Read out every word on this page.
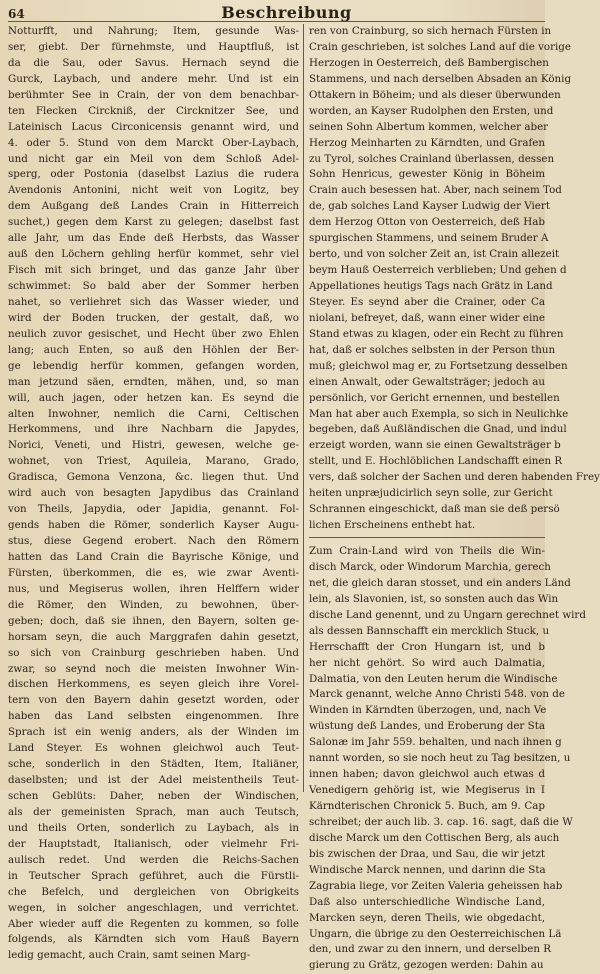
64	Beschreibung
Notturfft, und Nahrung; Item, gesunde Was-
ser, giebt. Der fürnehmste, und Hauptfluß, ist
da die Sau, oder Savus. Hernach seynd die
Gurck, Laybach, und andere mehr. Und ist ein
berühmter See in Crain, der von dem benachbar-
ten Flecken Circkniß, der Circknitzer See, und
Lateinisch Lacus Circonicensis genannt wird, und
4. oder 5. Stund von dem Marckt Ober-Laybach,
und nicht gar ein Meil von dem Schloß Adel-
sperg, oder Postonia (daselbst Lazius die rudera
Avendonis Antonini, nicht weit von Logitz, bey
dem Außgang deß Landes Crain in Hitterreich
suchet,) gegen dem Karst zu gelegen; daselbst fast
alle Jahr, um das Ende deß Herbsts, das Wasser
auß den Löchern gehling herfür kommet, sehr viel
Fisch mit sich bringet, und das ganze Jahr über
schwimmet: So bald aber der Sommer herben
nahet, so verliehret sich das Wasser wieder, und
wird der Boden trucken, der gestalt, daß, wo
neulich zuvor gesischet, und Hecht über zwo Ehlen
lang; auch Enten, so auß den Höhlen der Ber-
ge lebendig herfür kommen, gefangen worden,
man jetzund säen, erndten, mähen, und, so man
will, auch jagen, oder hetzen kan. Es seynd die
alten Inwohner, nemlich die Carni, Celtischen
Herkommens, und ihre Nachbarn die Japydes,
Norici, Veneti, und Histri, gewesen, welche ge-
wohnet, von Triest, Aquileia, Marano, Grado,
Gradisca, Gemona Venzona, &c. liegen thut. Und
wird auch von besagten Japydibus das Crainland
von Theils, Japydia, oder Japidia, genannt. Fol-
gends haben die Römer, sonderlich Kayser Augu-
stus, diese Gegend erobert. Nach den Römern
hatten das Land Crain die Bayrische Könige, und
Fürsten, überkommen, die es, wie zwar Aventi-
nus, und Megiserus wollen, ihren Helffern wider
die Römer, den Winden, zu bewohnen, über-
geben; doch, daß sie ihnen, den Bayern, solten ge-
horsam seyn, die auch Marggrafen dahin gesetzt,
so sich von Crainburg geschrieben haben. Und
zwar, so seynd noch die meisten Inwohner Win-
dischen Herkommens, es seyen gleich ihre Vorel-
tern von den Bayern dahin gesetzt worden, oder
haben das Land selbsten eingenommen. Ihre
Sprach ist ein wenig anders, als der Winden im
Land Steyer. Es wohnen gleichwol auch Teut-
sche, sonderlich in den Städten, Item, Italiäner,
daselbsten; und ist der Adel meistentheils Teut-
schen Geblüts: Daher, neben der Windischen,
als der gemeinisten Sprach, man auch Teutsch,
und theils Orten, sonderlich zu Laybach, als in
der Hauptstadt, Italianisch, oder vielmehr Fri-
aulisch redet. Und werden die Reichs-Sachen
in Teutscher Sprach geführet, auch die Fürstli-
che Befelch, und dergleichen von Obrigkeits
wegen, in solcher angeschlagen, und verrichtet.
Aber wieder auff die Regenten zu kommen, so folle
folgends, als Kärndten sich vom Hauß Bayern
ledig gemacht, auch Crain, samt seinen Marg-
ren von Crainburg, so sich hernach Fürsten in
Crain geschrieben, ist solches Land auf die vorige
Herzogen in Oesterreich, deß Bambergischen
Stammens, und nach derselben Absaden an König
Ottakern in Böheim; und als dieser überwunden
worden, an Kayser Rudolphen den Ersten, und
seinen Sohn Albertum kommen, welcher aber
Herzog Meinharten zu Kärndten, und Grafen
zu Tyrol, solches Crainland überlassen, dessen
Sohn Henricus, gewester König in Böheim
Crain auch besessen hat. Aber, nach seinem Tod
de, gab solches Land Kayser Ludwig der Viert
dem Herzog Otton von Oesterreich, deß Hab
spurgischen Stammens, und seinem Bruder A
berto, und von solcher Zeit an, ist Crain allezeit
beym Hauß Oesterreich verblieben; Und gehen d
Appellationes heutigs Tags nach Grätz in Land
Steyer. Es seynd aber die Crainer, oder Ca
niolani, befreyet, daß, wann einer wider eine
Stand etwas zu klagen, oder ein Recht zu führen
hat, daß er solches selbsten in der Person thun
muß; gleichwol mag er, zu Fortsetzung desselben
einen Anwalt, oder Gewaltsträger; jedoch au
persönlich, vor Gericht ernennen, und bestellen
Man hat aber auch Exempla, so sich in Neulichke
begeben, daß Außländischen die Gnad, und indul
erzeigt worden, wann sie einen Gewaltsträger b
stellt, und E. Hochlöblichen Landschafft einen R
vers, daß solcher der Sachen und deren habenden Frey
heiten unpræjudicirlich seyn solle, zur Gericht
Schrannen eingeschickt, daß man sie deß persö
lichen Erscheinens enthebt hat.
Zum Crain-Land wird von Theils die Win-
disch Marck, oder Windorum Marchia, gerech
net, die gleich daran stosset, und ein anders Länd
lein, als Slavonien, ist, so sonsten auch das Win
dische Land genennt, und zu Ungarn gerechnet wird
als dessen Bannschafft ein mercklich Stuck, u
Herrschafft der Cron Hungarn ist, und b
her nicht gehört. So wird auch Dalmatia,
Dalmatia, von den Leuten herum die Windische
Marck genannt, welche Anno Christi 548. von de
Winden in Kärndten überzogen, und, nach Ve
wüstung deß Landes, und Eroberung der Sta
Salonæ im Jahr 559. behalten, und nach ihnen g
nannt worden, so sie noch heut zu Tag besitzen, u
innen haben; davon gleichwol auch etwas d
Venedigern gehörig ist, wie Megiserus in I
Kärndterischen Chronick 5. Buch, am 9. Cap
schreibet; der auch lib. 3. cap. 16. sagt, daß die W
dische Marck um den Cottischen Berg, als auch
bis zwischen der Draa, und Sau, die wir jetzt
Windische Marck nennen, und darinn die Sta
Zagrabia liege, vor Zeiten Valeria geheissen hab
Daß also unterschiedliche Windische Land,
Marcken seyn, deren Theils, wie obgedacht,
Ungarn, die übrige zu den Oesterreichischen Lä
den, und zwar zu den innern, und derselben R
gierung zu Grätz, gezogen werden: Dahin au
